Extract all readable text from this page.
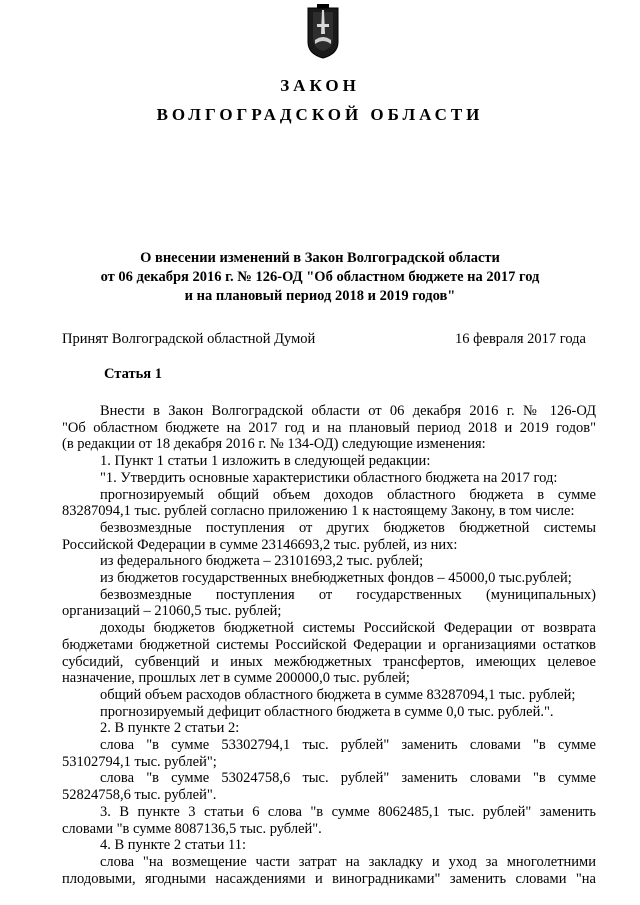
ЗАКОН
ВОЛГОГРАДСКОЙ ОБЛАСТИ
О внесении изменений в Закон Волгоградской области
от 06 декабря 2016 г. № 126-ОД "Об областном бюджете на 2017 год
и на плановый период 2018 и 2019 годов"
Принят Волгоградской областной Думой	16 февраля 2017 года
Статья 1
Внести в Закон Волгоградской области от 06 декабря 2016 г. № 126-ОД
"Об областном бюджете на 2017 год и на плановый период 2018 и 2019 годов"
(в редакции от 18 декабря 2016 г. № 134-ОД) следующие изменения:
1. Пункт 1 статьи 1 изложить в следующей редакции:
"1. Утвердить основные характеристики областного бюджета на 2017 год:
прогнозируемый общий объем доходов областного бюджета в сумме
83287094,1 тыс. рублей согласно приложению 1 к настоящему Закону, в том числе:
безвозмездные поступления от других бюджетов бюджетной системы
Российской Федерации в сумме 23146693,2 тыс. рублей, из них:
из федерального бюджета – 23101693,2 тыс. рублей;
из бюджетов государственных внебюджетных фондов – 45000,0 тыс.рублей;
безвозмездные поступления от государственных (муниципальных)
организаций – 21060,5 тыс. рублей;
доходы бюджетов бюджетной системы Российской Федерации от возврата
бюджетами бюджетной системы Российской Федерации и организациями остатков
субсидий, субвенций и иных межбюджетных трансфертов, имеющих целевое
назначение, прошлых лет в сумме 200000,0 тыс. рублей;
общий объем расходов областного бюджета в сумме 83287094,1 тыс. рублей;
прогнозируемый дефицит областного бюджета в сумме 0,0 тыс. рублей.".
2. В пункте 2 статьи 2:
слова "в сумме 53302794,1 тыс. рублей" заменить словами "в сумме
53102794,1 тыс. рублей";
слова "в сумме 53024758,6 тыс. рублей" заменить словами "в сумме
52824758,6 тыс. рублей".
3. В пункте 3 статьи 6 слова "в сумме 8062485,1 тыс. рублей" заменить
словами "в сумме 8087136,5 тыс. рублей".
4. В пункте 2 статьи 11:
слова "на возмещение части затрат на закладку и уход за многолетними
плодовыми, ягодными насаждениями и виноградниками" заменить словами "на
